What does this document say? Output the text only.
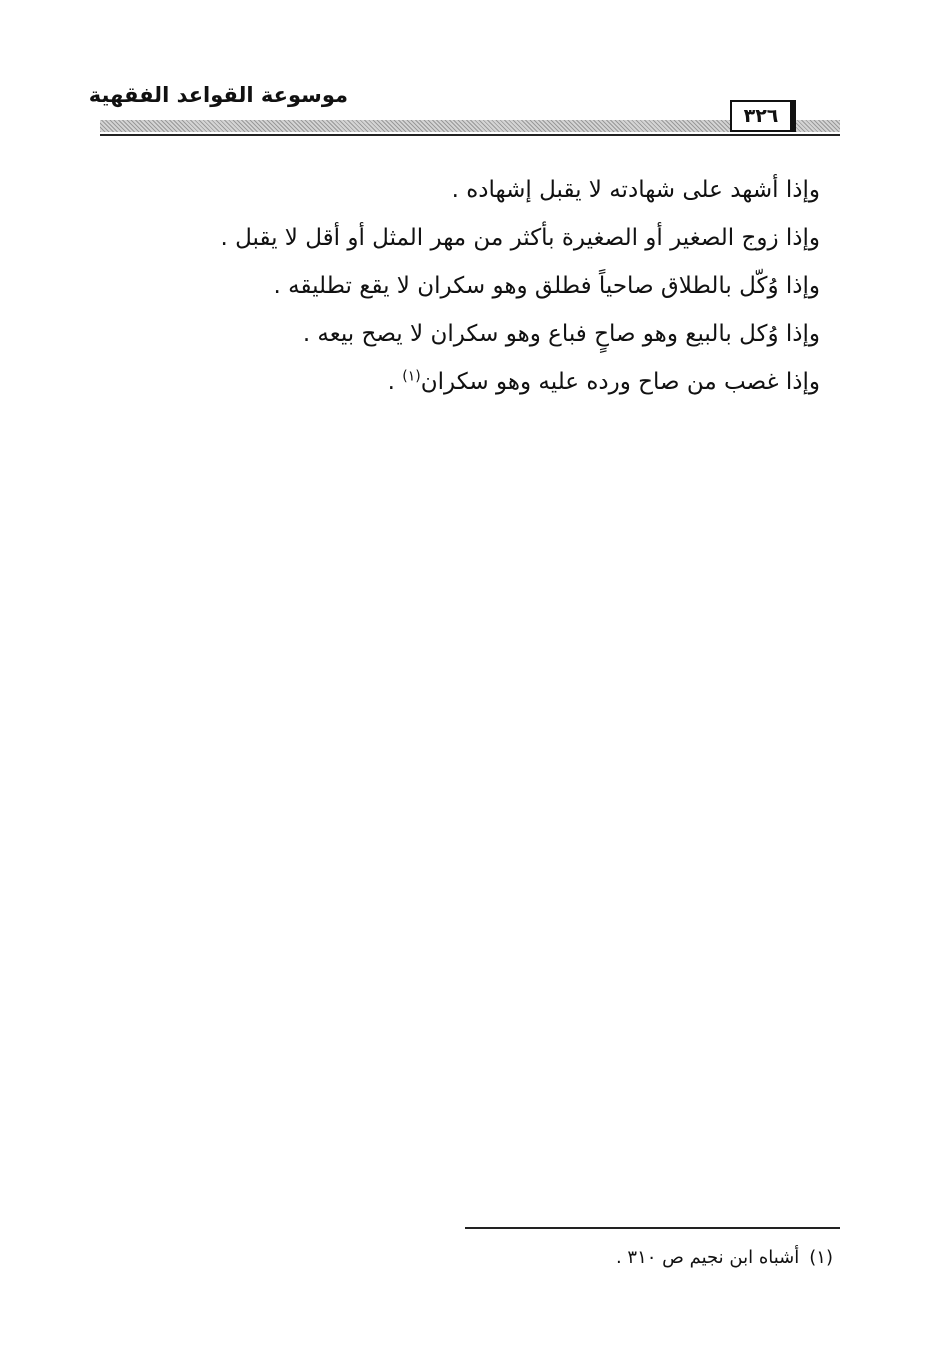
موسوعة القواعد الفقهية
٣٢٦
وإذا أشهد على شهادته لا يقبل إشهاده .
وإذا زوج الصغير أو الصغيرة بأكثر من مهر المثل أو أقل لا يقبل .
وإذا وُكّل بالطلاق صاحياً فطلق وهو سكران لا يقع تطليقه .
وإذا وُكل بالبيع وهو صاحٍ فباع وهو سكران لا يصح بيعه .
وإذا غصب من صاح ورده عليه وهو سكران$^{(١)}$ .
(١)أشباه ابن نجيم ص ٣١٠ .
